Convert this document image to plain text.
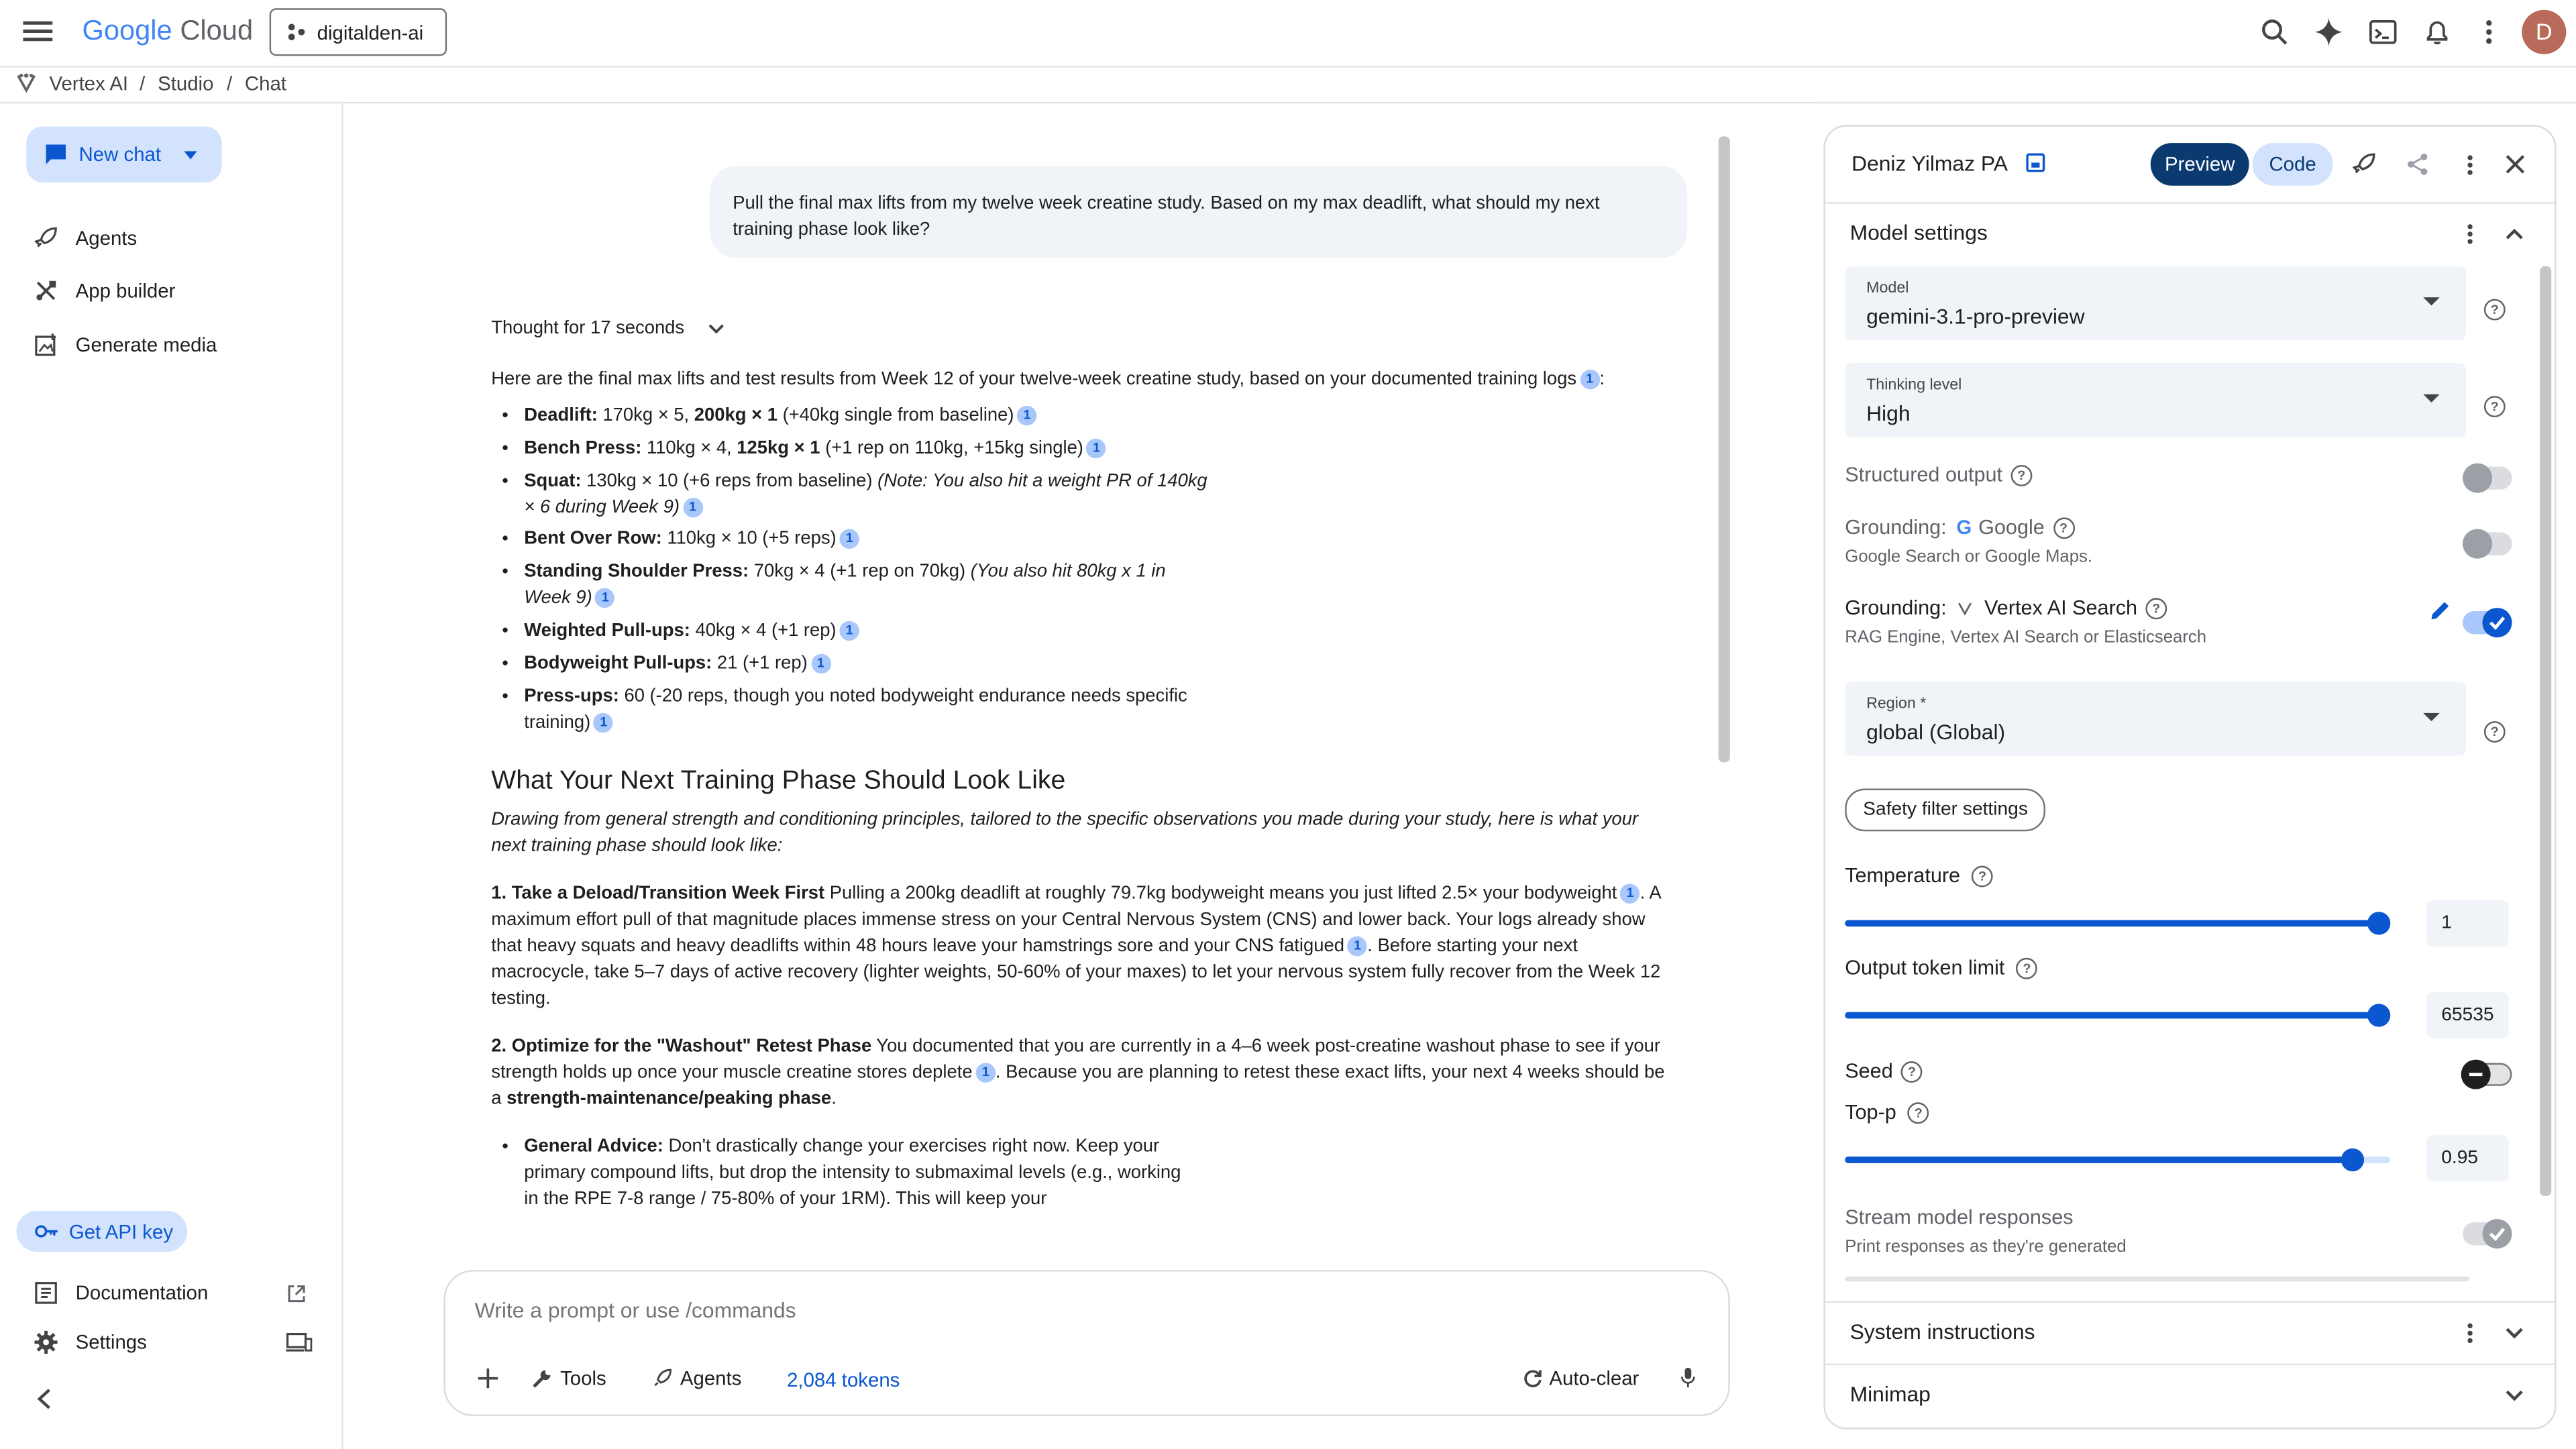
Google Cloud	digitalden-ai	D
Vertex AI / Studio / Chat
New chat
Agents
App builder
Generate media
Get API key
Documentation
Settings
Pull the final max lifts from my twelve week creatine study. Based on my max deadlift, what should my next training phase look like?
Thought for 17 seconds
Here are the final max lifts and test results from Week 12 of your twelve-week creatine study, based on your documented training logs 1 :
• Deadlift: 170kg × 5, 200kg × 1 (+40kg single from baseline) 1
• Bench Press: 110kg × 4, 125kg × 1 (+1 rep on 110kg, +15kg single) 1
• Squat: 130kg × 10 (+6 reps from baseline) (Note: You also hit a weight PR of 140kg × 6 during Week 9) 1
• Bent Over Row: 110kg × 10 (+5 reps) 1
• Standing Shoulder Press: 70kg × 4 (+1 rep on 70kg) (You also hit 80kg x 1 in Week 9) 1
• Weighted Pull-ups: 40kg × 4 (+1 rep) 1
• Bodyweight Pull-ups: 21 (+1 rep) 1
• Press-ups: 60 (-20 reps, though you noted bodyweight endurance needs specific training) 1
What Your Next Training Phase Should Look Like
Drawing from general strength and conditioning principles, tailored to the specific observations you made during your study, here is what your next training phase should look like:
1. Take a Deload/Transition Week First Pulling a 200kg deadlift at roughly 79.7kg bodyweight means you just lifted 2.5× your bodyweight 1 . A maximum effort pull of that magnitude places immense stress on your Central Nervous System (CNS) and lower back. Your logs already show that heavy squats and heavy deadlifts within 48 hours leave your hamstrings sore and your CNS fatigued 1 . Before starting your next macrocycle, take 5–7 days of active recovery (lighter weights, 50-60% of your maxes) to let your nervous system fully recover from the Week 12 testing.
2. Optimize for the "Washout" Retest Phase You documented that you are currently in a 4–6 week post-creatine washout phase to see if your strength holds up once your muscle creatine stores deplete 1 . Because you are planning to retest these exact lifts, your next 4 weeks should be a strength-maintenance/peaking phase.
• General Advice: Don't drastically change your exercises right now. Keep your primary compound lifts, but drop the intensity to submaximal levels (e.g., working in the RPE 7-8 range / 75-80% of your 1RM). This will keep your
Write a prompt or use /commands
Tools	Agents	2,084 tokens	Auto-clear
Deniz Yilmaz PA	Preview	Code
Model settings
Model
gemini-3.1-pro-preview	?
Thinking level
High	?
Structured output	?
Grounding: G Google	?
Google Search or Google Maps.
Grounding:	Vertex AI Search	?
RAG Engine, Vertex AI Search or Elasticsearch
Region *
global (Global)	?
Safety filter settings
Temperature	?
1
Output token limit	?
65535
Seed	?
Top-p	?
0.95
Stream model responses
Print responses as they're generated
System instructions
Minimap
